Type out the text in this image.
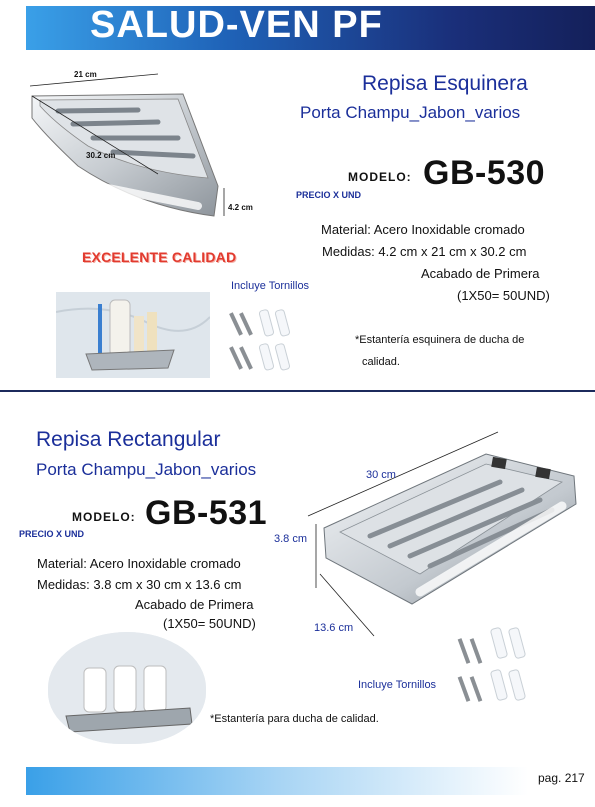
SALUD-VEN PF
21 cm
30.2 cm
4.2 cm
Repisa Esquinera
Porta Champu_Jabon_varios
MODELO: GB-530
PRECIO X UND
Material: Acero Inoxidable cromado
Medidas: 4.2 cm x 21 cm x 30.2 cm
Acabado de Primera
(1X50= 50UND)
EXCELENTE CALIDAD
Incluye Tornillos
*Estantería esquinera de ducha de
calidad.
Repisa Rectangular
Porta Champu_Jabon_varios
MODELO: GB-531
PRECIO X UND
Material: Acero Inoxidable cromado
Medidas: 3.8 cm x 30 cm x 13.6 cm
Acabado de Primera
(1X50= 50UND)
30 cm
3.8 cm
13.6 cm
Incluye Tornillos
*Estantería para ducha de calidad.
pag. 217
